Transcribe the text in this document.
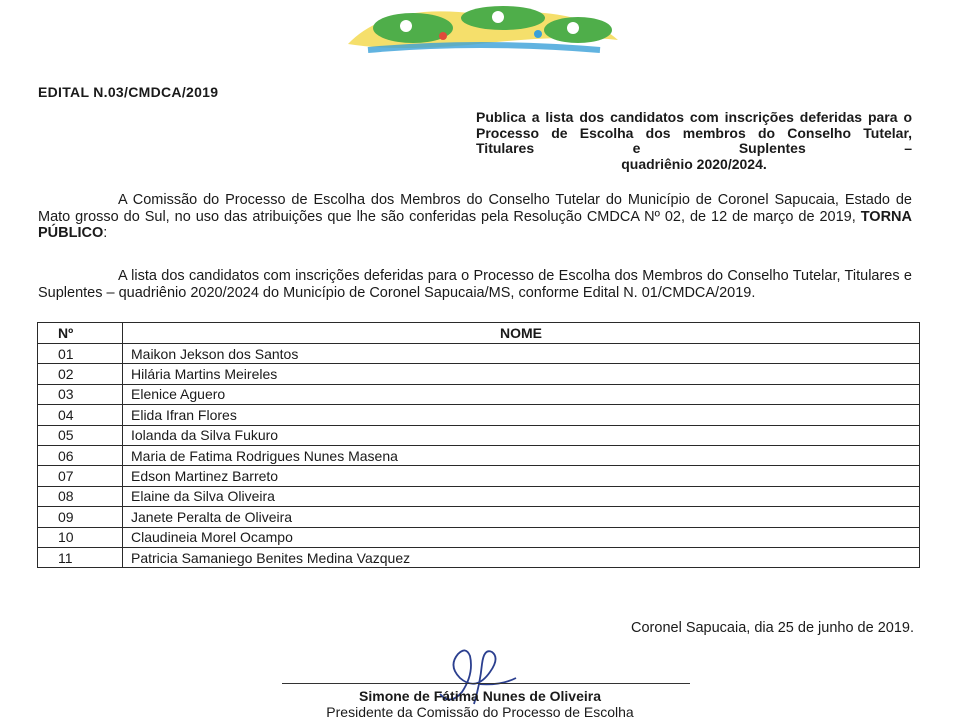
EDITAL N.03/CMDCA/2019
Publica a lista dos candidatos com inscrições deferidas para o Processo de Escolha dos membros do Conselho Tutelar, Titulares e Suplentes –
quadriênio 2020/2024.
A Comissão do Processo de Escolha dos Membros do Conselho Tutelar do Município de Coronel Sapucaia, Estado de Mato grosso do Sul, no uso das atribuições que lhe são conferidas pela Resolução CMDCA Nº 02, de 12 de março de 2019, TORNA PÚBLICO:
A lista dos candidatos com inscrições deferidas para o Processo de Escolha dos Membros do Conselho Tutelar, Titulares e Suplentes – quadriênio 2020/2024 do Município de Coronel Sapucaia/MS, conforme Edital N. 01/CMDCA/2019.
Nº	NOME
01	Maikon Jekson dos Santos
02	Hilária Martins Meireles
03	Elenice Aguero
04	Elida Ifran Flores
05	Iolanda da Silva Fukuro
06	Maria de Fatima Rodrigues Nunes Masena
07	Edson Martinez Barreto
08	Elaine da Silva Oliveira
09	Janete Peralta de Oliveira
10	Claudineia Morel Ocampo
11	Patricia Samaniego Benites Medina Vazquez
Coronel Sapucaia, dia 25 de junho de 2019.
Simone de Fátima Nunes de Oliveira
Presidente da Comissão do Processo de Escolha
